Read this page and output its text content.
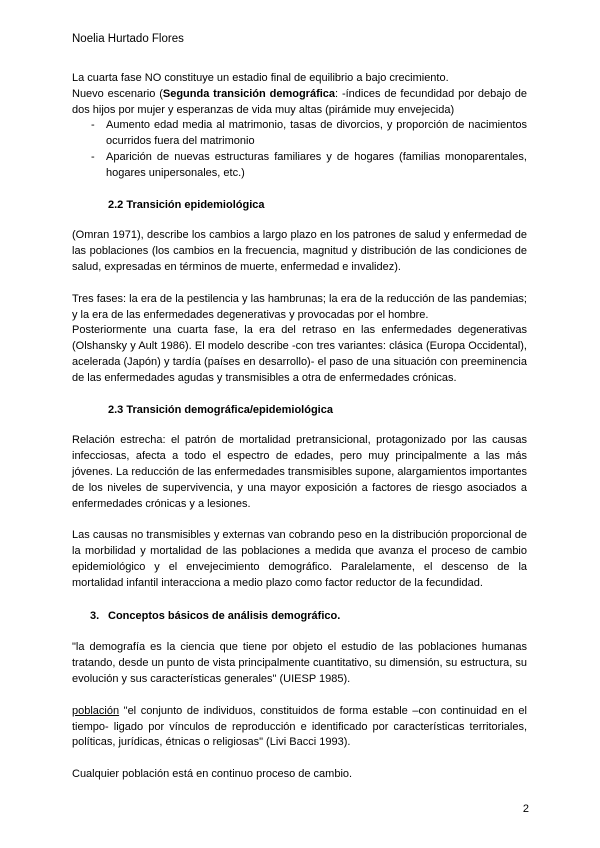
Noelia Hurtado Flores

La cuarta fase NO constituye un estadio final de equilibrio a bajo crecimiento.

Nuevo escenario (Segunda transición demográfica: -índices de fecundidad por debajo de dos hijos por mujer y esperanzas de vida muy altas (pirámide muy envejecida)

- Aumento edad media al matrimonio, tasas de divorcios, y proporción de nacimientos ocurridos fuera del matrimonio
- Aparición de nuevas estructuras familiares y de hogares (familias monoparentales, hogares unipersonales, etc.)
2.2 Transición epidemiológica

(Omran 1971), describe los cambios a largo plazo en los patrones de salud y enfermedad de las poblaciones (los cambios en la frecuencia, magnitud y distribución de las condiciones de salud, expresadas en términos de muerte, enfermedad e invalidez).

Tres fases: la era de la pestilencia y las hambrunas; la era de la reducción de las pandemias; y la era de las enfermedades degenerativas y provocadas por el hombre.

Posteriormente una cuarta fase, la era del retraso en las enfermedades degenerativas (Olshansky y Ault 1986). El modelo describe -con tres variantes: clásica (Europa Occidental), acelerada (Japón) y tardía (países en desarrollo)- el paso de una situación con preeminencia de las enfermedades agudas y transmisibles a otra de enfermedades crónicas.

2.3 Transición demográfica/epidemiológica

Relación estrecha: el patrón de mortalidad pretransicional, protagonizado por las causas infecciosas, afecta a todo el espectro de edades, pero muy principalmente a las más jóvenes. La reducción de las enfermedades transmisibles supone, alargamientos importantes de los niveles de supervivencia, y una mayor exposición a factores de riesgo asociados a enfermedades crónicas y a lesiones.

Las causas no transmisibles y externas van cobrando peso en la distribución proporcional de la morbilidad y mortalidad de las poblaciones a medida que avanza el proceso de cambio epidemiológico y el envejecimiento demográfico. Paralelamente, el descenso de la mortalidad infantil interacciona a medio plazo como factor reductor de la fecundidad.

3. Conceptos básicos de análisis demográfico.

"la demografía es la ciencia que tiene por objeto el estudio de las poblaciones humanas tratando, desde un punto de vista principalmente cuantitativo, su dimensión, su estructura, su evolución y sus características generales" (UIESP 1985).

población "el conjunto de individuos, constituidos de forma estable –con continuidad en el tiempo- ligado por vínculos de reproducción e identificado por características territoriales, políticas, jurídicas, étnicas o religiosas" (Livi Bacci 1993).

Cualquier población está en continuo proceso de cambio.

2
